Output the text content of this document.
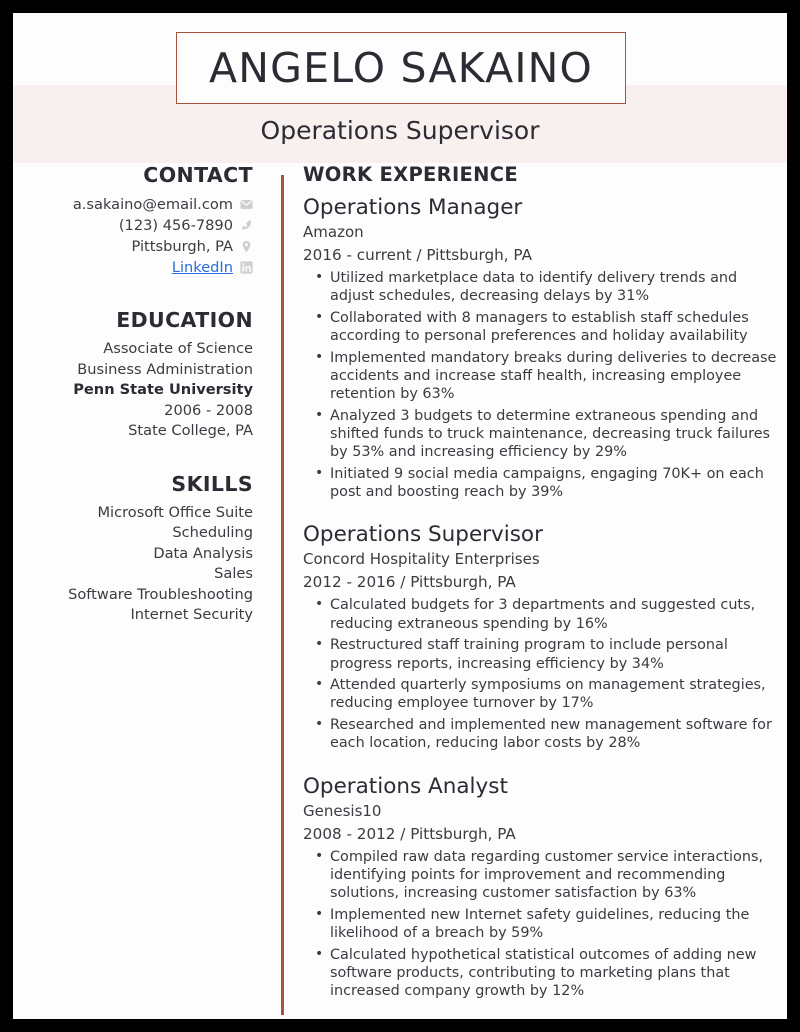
ANGELO SAKAINO
Operations Supervisor
CONTACT
a.sakaino@email.com
(123) 456-7890
Pittsburgh, PA
LinkedIn
EDUCATION
Associate of Science
Business Administration
Penn State University
2006 - 2008
State College, PA
SKILLS
Microsoft Office Suite
Scheduling
Data Analysis
Sales
Software Troubleshooting
Internet Security
WORK EXPERIENCE
Operations Manager
Amazon
2016 - current / Pittsburgh, PA
• Utilized marketplace data to identify delivery trends and adjust schedules, decreasing delays by 31%
• Collaborated with 8 managers to establish staff schedules according to personal preferences and holiday availability
• Implemented mandatory breaks during deliveries to decrease accidents and increase staff health, increasing employee retention by 63%
• Analyzed 3 budgets to determine extraneous spending and shifted funds to truck maintenance, decreasing truck failures by 53% and increasing efficiency by 29%
• Initiated 9 social media campaigns, engaging 70K+ on each post and boosting reach by 39%
Operations Supervisor
Concord Hospitality Enterprises
2012 - 2016 / Pittsburgh, PA
• Calculated budgets for 3 departments and suggested cuts, reducing extraneous spending by 16%
• Restructured staff training program to include personal progress reports, increasing efficiency by 34%
• Attended quarterly symposiums on management strategies, reducing employee turnover by 17%
• Researched and implemented new management software for each location, reducing labor costs by 28%
Operations Analyst
Genesis10
2008 - 2012 / Pittsburgh, PA
• Compiled raw data regarding customer service interactions, identifying points for improvement and recommending solutions, increasing customer satisfaction by 63%
• Implemented new Internet safety guidelines, reducing the likelihood of a breach by 59%
• Calculated hypothetical statistical outcomes of adding new software products, contributing to marketing plans that increased company growth by 12%
